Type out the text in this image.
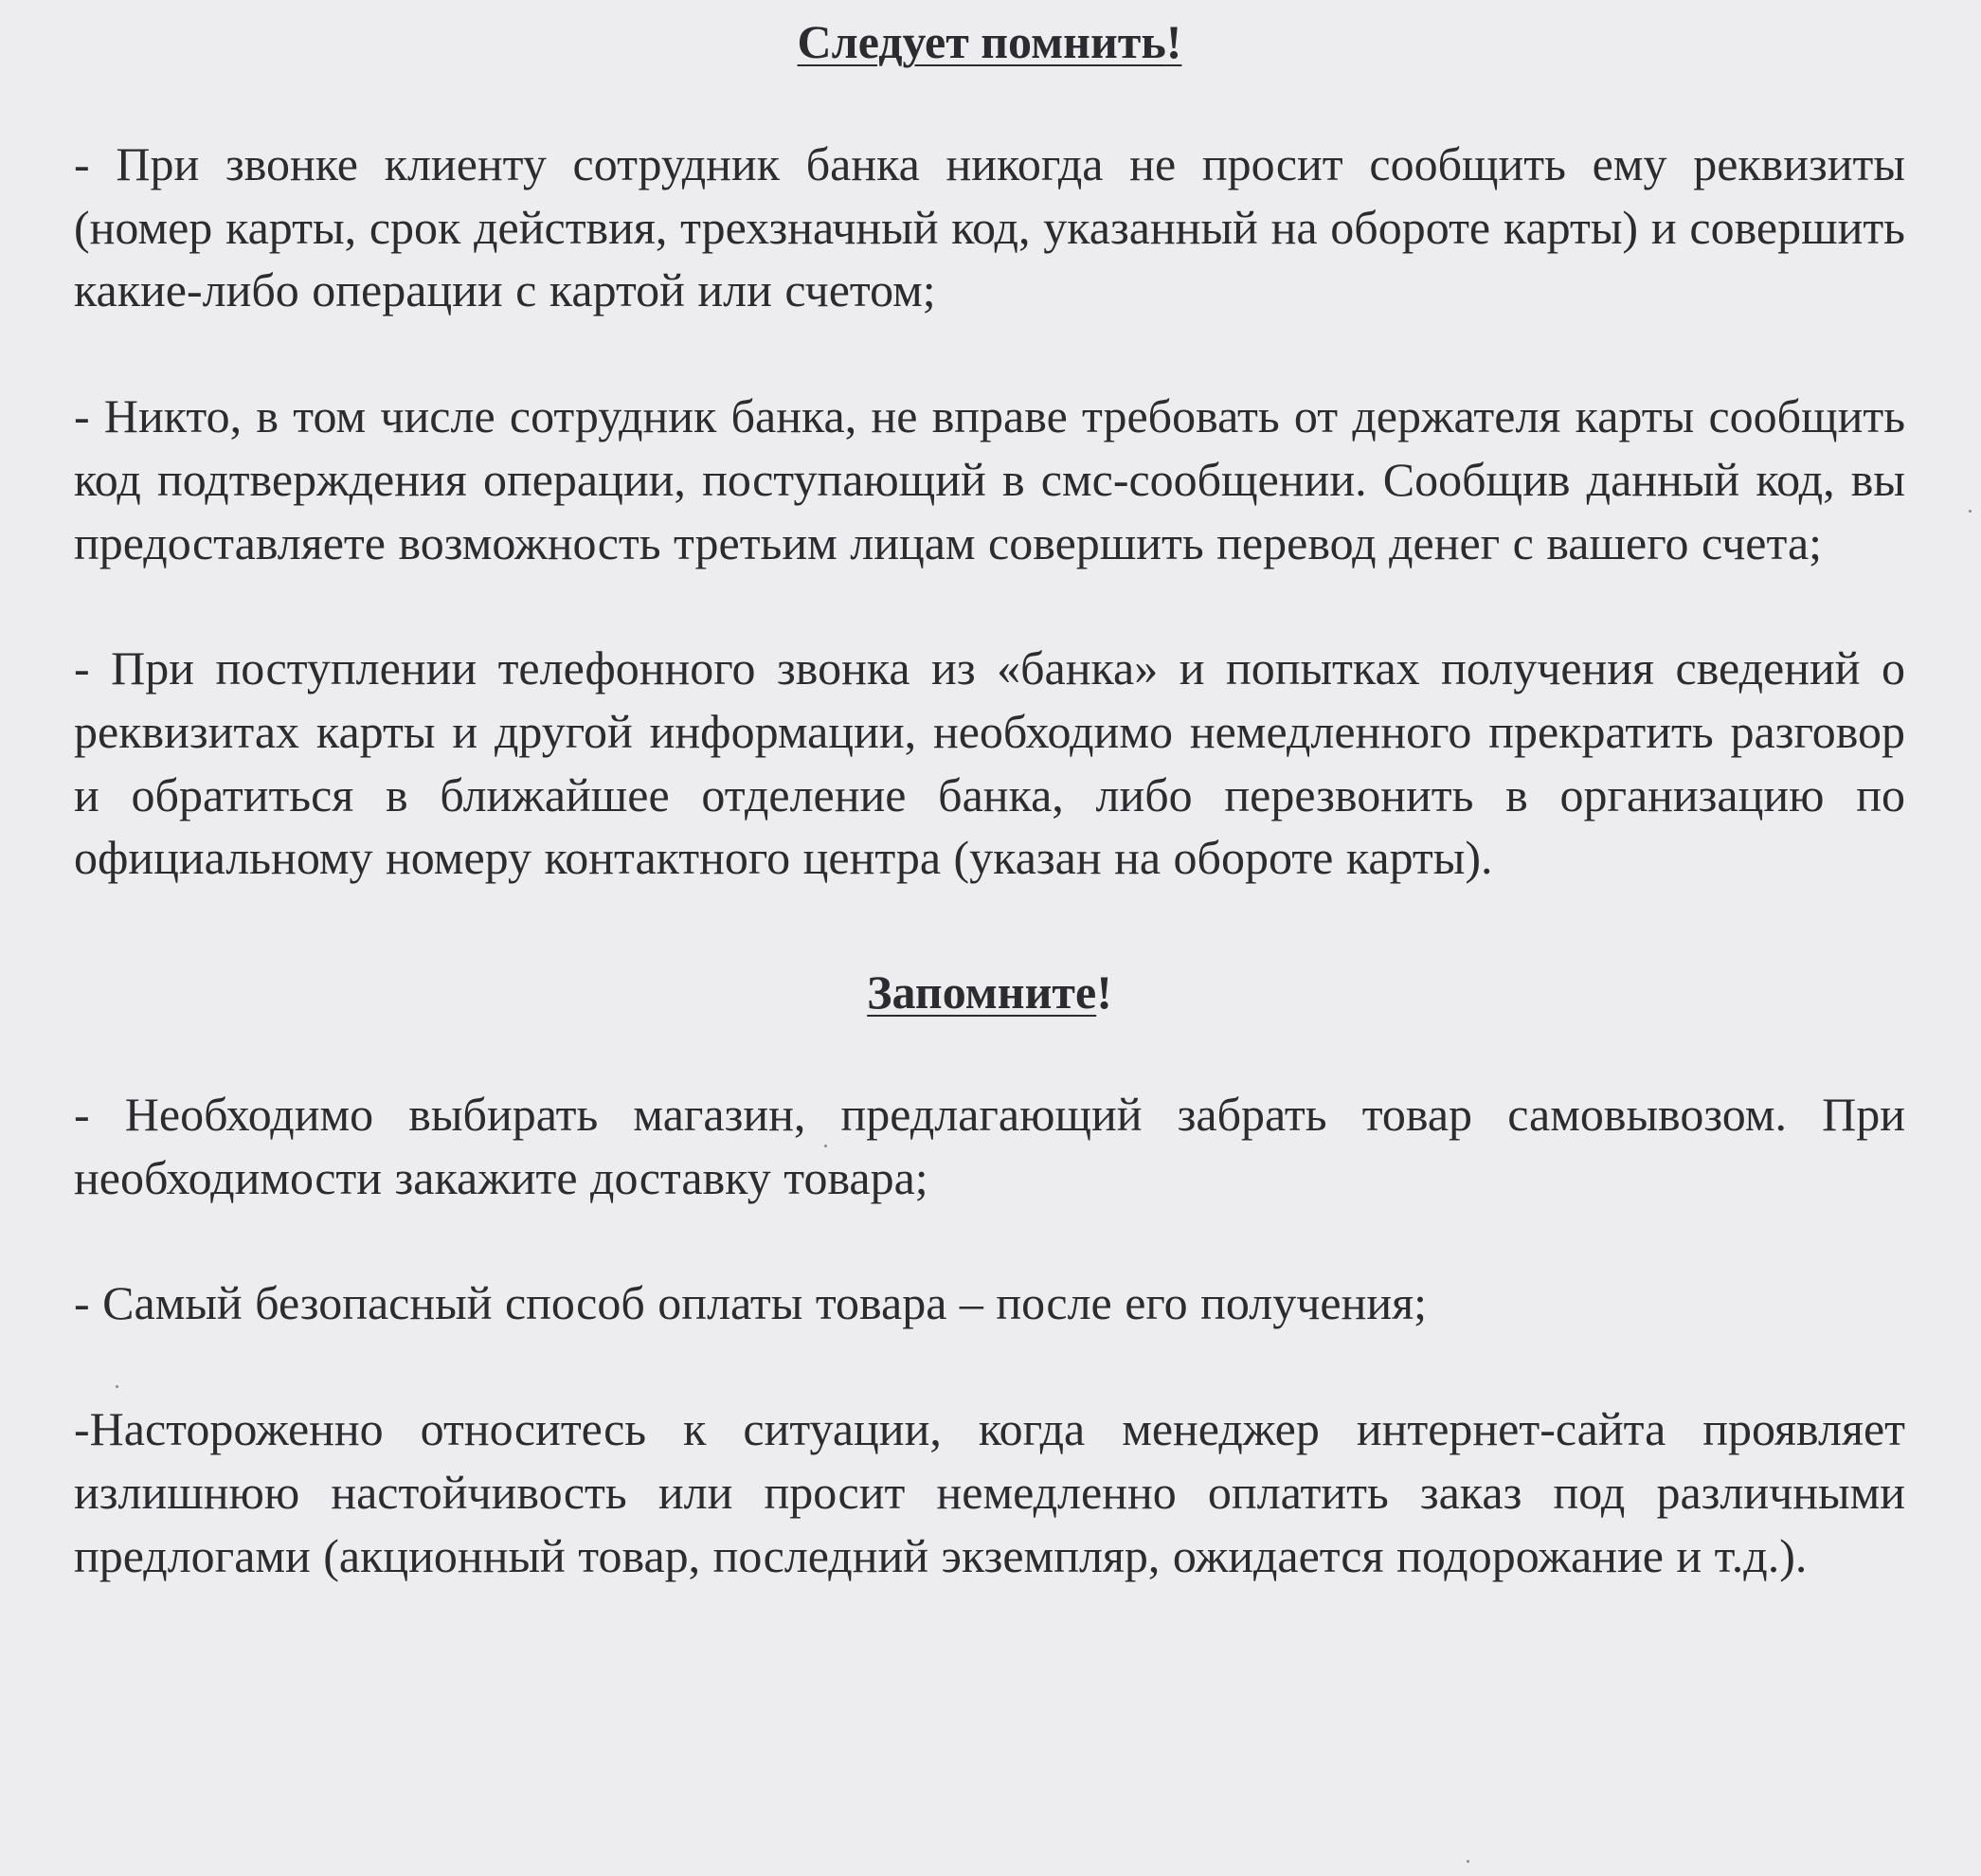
Следует помнить!

- При звонке клиенту сотрудник банка никогда не просит сообщить ему реквизиты (номер карты, срок действия, трехзначный код, указанный на обороте карты) и совершить какие-либо операции с картой или счетом;

- Никто, в том числе сотрудник банка, не вправе требовать от держателя карты сообщить код подтверждения операции, поступающий в смс-сообщении. Сообщив данный код, вы предоставляете возможность третьим лицам совершить перевод денег с вашего счета;

- При поступлении телефонного звонка из «банка» и попытках получения сведений о реквизитах карты и другой информации, необходимо немедленного прекратить разговор и обратиться в ближайшее отделение банка, либо перезвонить в организацию по официальному номеру контактного центра (указан на обороте карты).

Запомните!

- Необходимо выбирать магазин, предлагающий забрать товар самовывозом. При необходимости закажите доставку товара;

- Самый безопасный способ оплаты товара – после его получения;

-Настороженно относитесь к ситуации, когда менеджер интернет-сайта проявляет излишнюю настойчивость или просит немедленно оплатить заказ под различными предлогами (акционный товар, последний экземпляр, ожидается подорожание и т.д.).
